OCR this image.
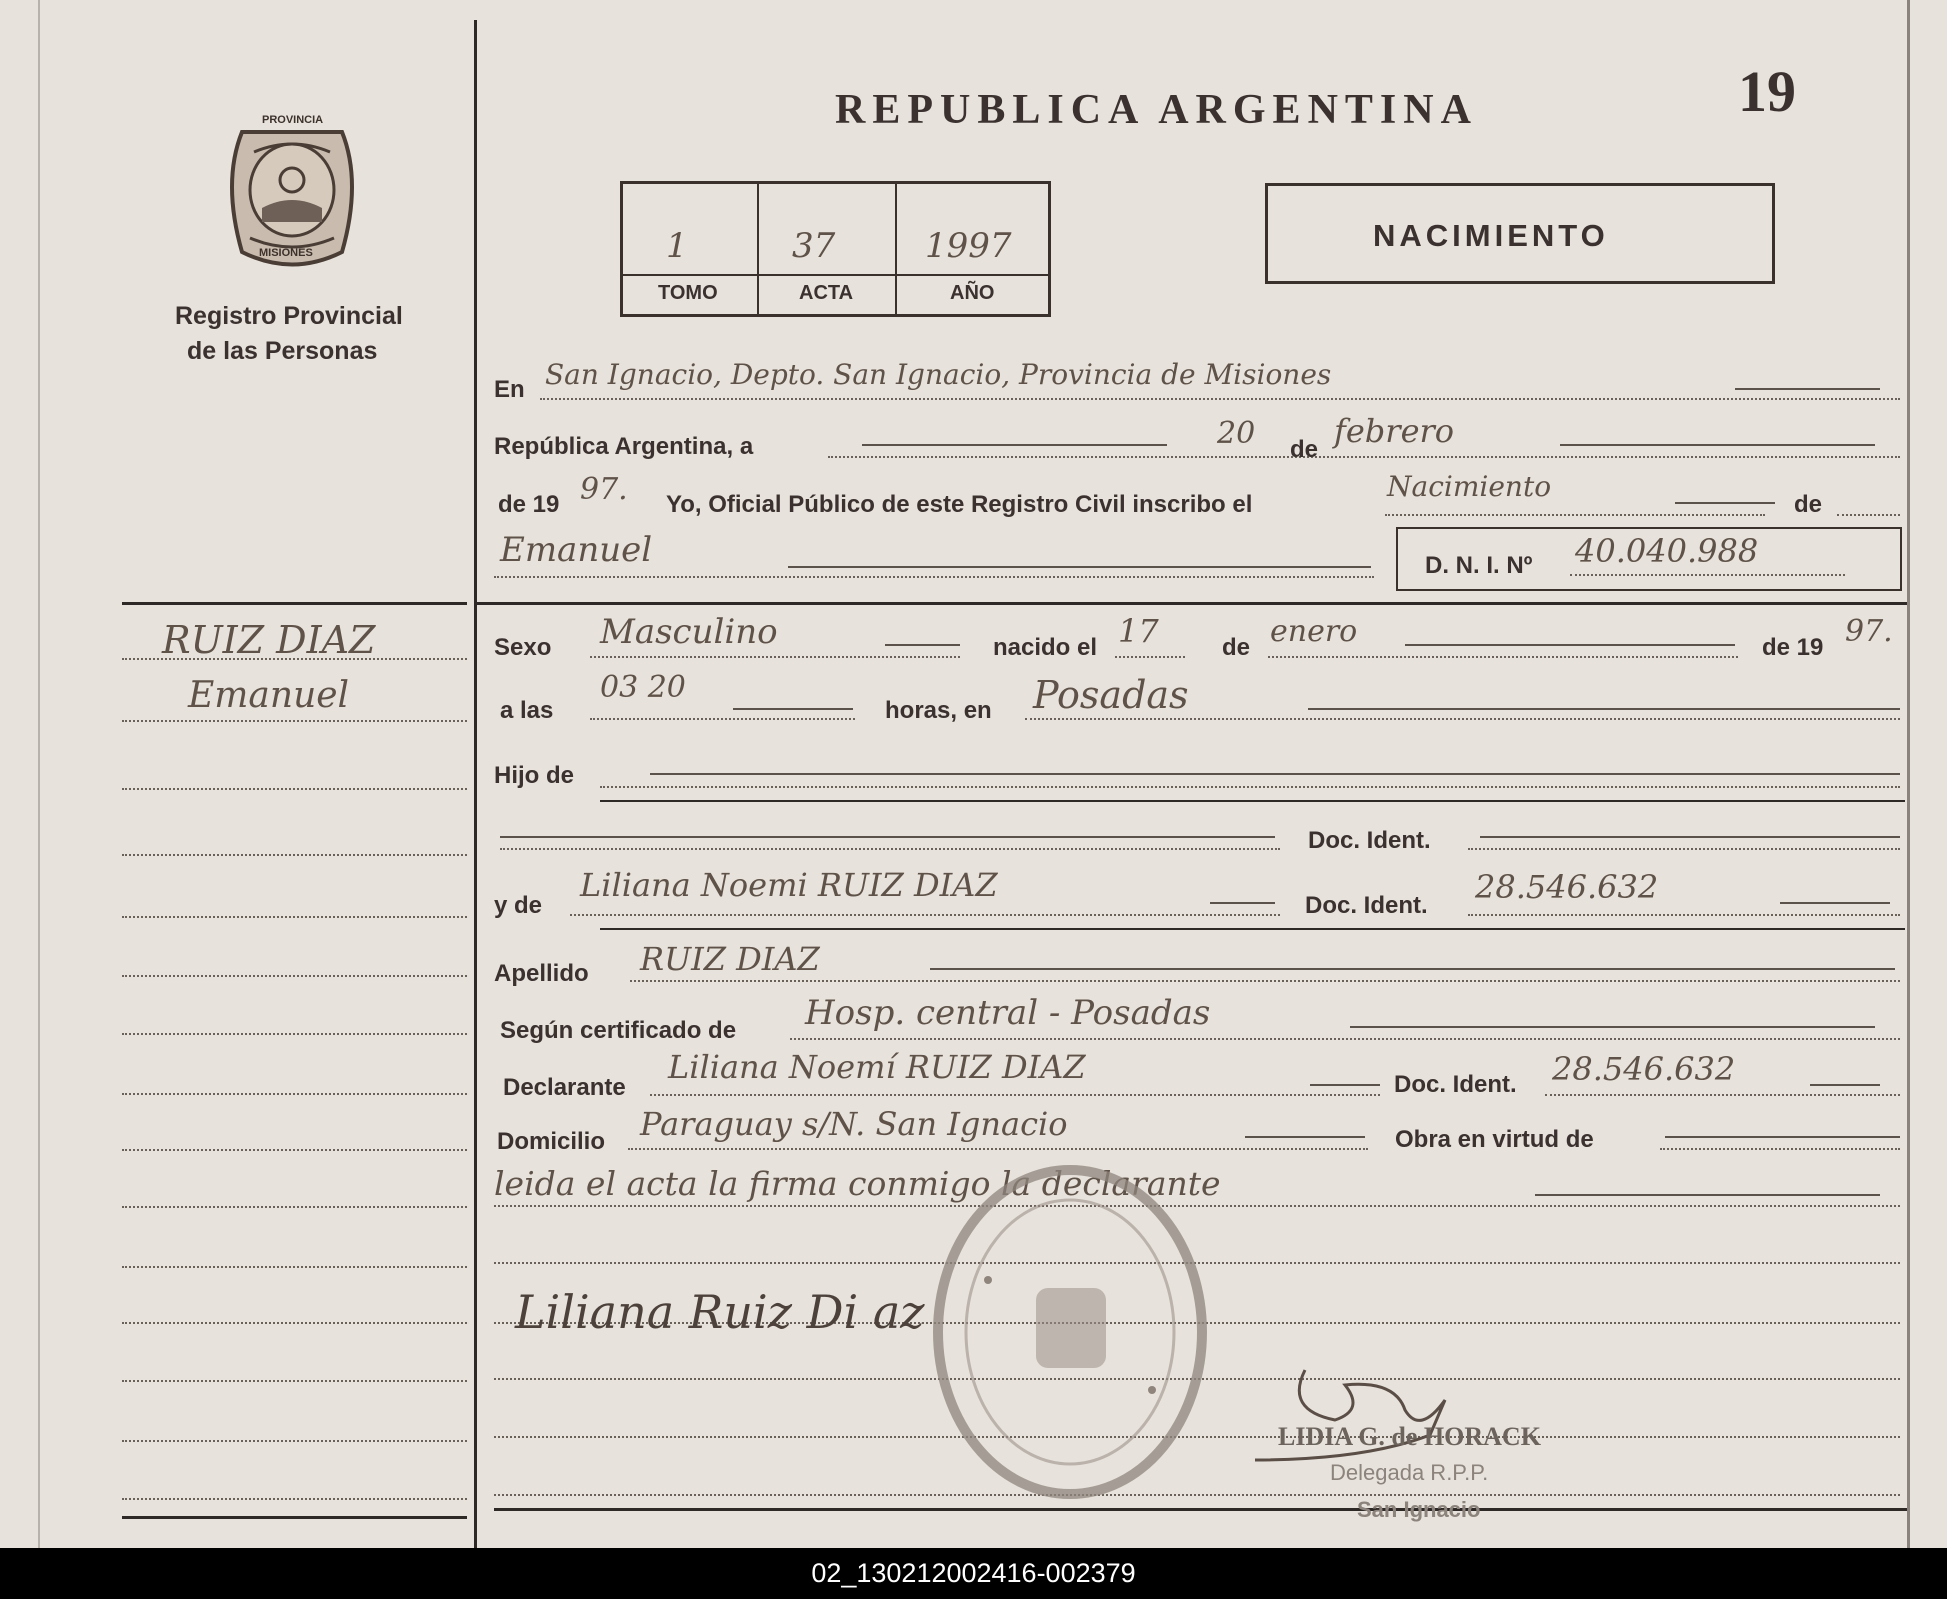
REPUBLICA ARGENTINA	19
PROVINCIA
MISIONES
Registro Provincial
de las Personas
1	37	1997
TOMO	ACTA	AÑO
NACIMIENTO
RUIZ DIAZ
Emanuel
En San Ignacio, Depto. San Ignacio, Provincia de Misiones
República Argentina, a	20 de febrero
de 19 97. Yo, Oficial Público de este Registro Civil inscribo el
Nacimiento
de
Emanuel	D. N. I. Nº 40.040.988
Sexo Masculino	nacido el 17	de enero	de 19 97.
a las
03 20
horas, en Posadas
Hijo de
Doc. Ident.
y de
Liliana Noemi RUIZ DIAZ
Doc. Ident. 28.546.632
Apellido RUIZ DIAZ
Según certificado de Hosp. central - Posadas
Declarante
Liliana Noemí RUIZ DIAZ	Doc. Ident. 28.546.632
Domicilio Paraguay s/N. San Ignacio	Obra en virtud de
leida el acta la firma conmigo la declarante
Liliana Ruiz Di az
LIDIA G. de HORACK
Delegada R.P.P.
San Ignacio
02_130212002416-002379
